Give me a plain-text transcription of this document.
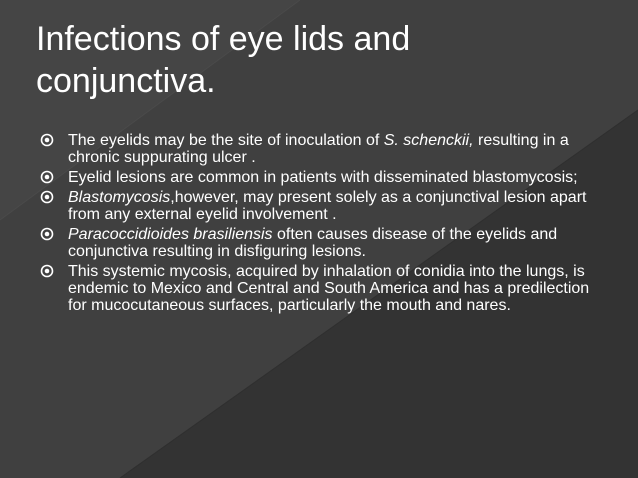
Infections of eye lids and conjunctiva.
The eyelids may be the site of inoculation of S. schenckii, resulting in a chronic suppurating ulcer .
Eyelid lesions are common in patients with disseminated blastomycosis;
Blastomycosis,however, may present solely as a conjunctival lesion apart from any external eyelid involvement .
Paracoccidioides brasiliensis often causes disease of the eyelids and conjunctiva resulting in disfiguring lesions.
This systemic mycosis, acquired by inhalation of conidia into the lungs, is endemic to Mexico and Central and South America and has a predilection for mucocutaneous surfaces, particularly the mouth and nares.
